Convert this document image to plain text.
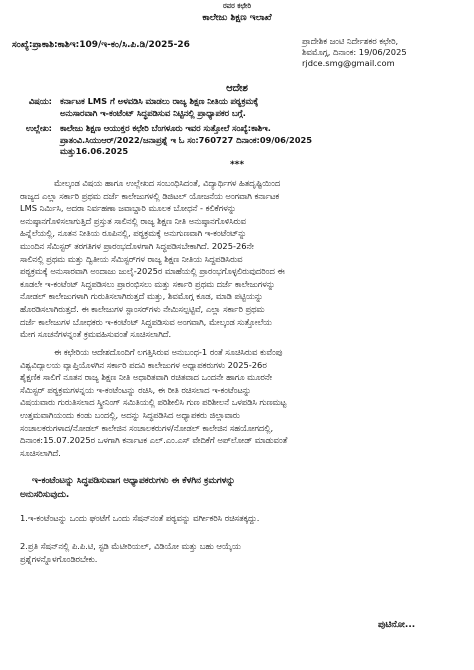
ರವರ ಕಛೇರಿ
ಕಾಲೇಜು ಶಿಕ್ಷಣ ಇಲಾಖೆ
ಸಂಖ್ಯೆ:ಪ್ರಾಕಾಶಿ:ಕಾಶಿಇ:109/ಇ-ಕಂ/ಸಿ.ಪಿ.ಡಿ/2025-26	ಪ್ರಾದೇಶಿಕ ಜಂಟಿ ನಿರ್ದೇಶಕರ ಕಛೇರಿ,
ಶಿವಮೊಗ್ಗ, ದಿನಾಂಕ: 19/06/2025
rjdce.smg@gmail.com
ಆದೇಶ
ವಿಷಯ: ಕರ್ನಾಟಕ LMS ಗೆ ಅಳವಡಿಸಿ ಮಾಡಲು ರಾಜ್ಯ ಶಿಕ್ಷಣ ನೀತಿಯ ಪಠ್ಯಕ್ರಮಕ್ಕೆ
ಅನುಸಾರವಾಗಿ ಇ-ಕಂಟೆಂಟ್ ಸಿದ್ಧಪಡಿಸುವ ನಿಟ್ಟಿನಲ್ಲಿ ಪ್ರಾಧ್ಯಾಪಕರ ಬಗ್ಗೆ.
ಉಲ್ಲೇಖ: ಕಾಲೇಜು ಶಿಕ್ಷಣ ಆಯುಕ್ತರ ಕಛೇರಿ ಬೆಂಗಳೂರು ಇವರ ಸುತ್ತೋಲೆ ಸಂಖ್ಯೆ:ಕಾಶಿಇ.
ಪ್ರಾತಂವಿ.ಸಿಯುಆರ್/2022/ಜನಾಪ್ರಶ್ನೆ ಇ ಓ ಸಂ:760727 ದಿನಾಂಕ:09/06/2025
ಮತ್ತು16.06.2025
***
ಮೇಲ್ಕಂಡ ವಿಷಯ ಹಾಗೂ ಉಲ್ಲೇಖದ ಸಂಬಂಧಿಸಿದಂತೆ, ವಿದ್ಯಾರ್ಥಿಗಳ ಹಿತದೃಷ್ಟಿಯಿಂದ
ರಾಜ್ಯದ ಎಲ್ಲಾ ಸರ್ಕಾರಿ ಪ್ರಥಮ ದರ್ಜೆ ಕಾಲೇಜುಗಳಲ್ಲಿ ಡಿಜಿಟಲ್ ಯೋಜನೆಯ ಅಂಗವಾಗಿ ಕರ್ನಾಟಕ
LMS ನಿರ್ಮಿಸಿ, ಅದರಾ ನಿರ್ವಹಣಾ ಜವಾಬ್ದಾರಿ ಮೂಲಕ ಬೋಧನೆ - ಕಲಿಕೆಗಳನ್ನು
ಅನುಷ್ಠಾನಗೊಳಿಸಲಾಗುತ್ತಿದೆ ಪ್ರಸ್ತುತ ಸಾಲಿನಲ್ಲಿ ರಾಜ್ಯ ಶಿಕ್ಷಣ ನೀತಿ ಅನುಷ್ಠಾನಗೊಳಿಸಿರುವ
ಹಿನ್ನೆಲೆಯಲ್ಲಿ, ನೂತನ ನೀತಿಯ ರೂಪಿನಲ್ಲಿ, ಪಠ್ಯಕ್ರಮಕ್ಕೆ ಅನುಗುಣವಾಗಿ ಇ-ಕಂಟೆಂಟ್‌ನ್ನು
ಮುಂದಿನ ಸೆಮಿಸ್ಟರ್ ತರಗತಿಗಳ ಪ್ರಾರಂಭದೊಳಗಾಗಿ ಸಿದ್ಧಪಡಿಸಬೇಕಾಗಿದೆ. 2025-26ನೇ
ಸಾಲಿನಲ್ಲಿ ಪ್ರಥಮ ಮತ್ತು ದ್ವಿತೀಯ ಸೆಮಿಸ್ಟರ್‌ಗಳ ರಾಜ್ಯ ಶಿಕ್ಷಣ ನೀತಿಯ ಸಿದ್ಧಪಡಿಸಿರುವ
ಪಠ್ಯಕ್ರಮಕ್ಕೆ ಅನುಸಾರವಾಗಿ ಅಂದಾಜು ಜುಲೈ-2025ರ ಮಾಹೆಯಲ್ಲಿ ಪ್ರಾರಂಭಗೊಳ್ಳಲಿರುವುದರಿಂದ ಈ
ಕೂಡಲೇ ಇ-ಕಂಟೆಂಟ್ ಸಿದ್ಧಪಡಿಸಲು ಪ್ರಾರಂಭಿಸಲು ಮತ್ತು ಸರ್ಕಾರಿ ಪ್ರಥಮ ದರ್ಜೆ ಕಾಲೇಜುಗಳನ್ನು
ನೋಡಲ್ ಕಾಲೇಜುಗಳಾಗಿ ಗುರುತಿಸಲಾಗಿರುತ್ತದೆ ಮತ್ತು, ಶಿವಮೊಗ್ಗ ಕೂಡ, ಮಾಡಿ ಪಟ್ಟಿಯನ್ನು
ಹೊರಡಿಸಲಾಗಿರುತ್ತದೆ. ಈ ಕಾಲೇಜುಗಳ ಸ್ಪಾಂಸರ್‌ಗಳು ನೇಮಿಸಲ್ಪಟ್ಟಿವೆ, ಎಲ್ಲಾ ಸರ್ಕಾರಿ ಪ್ರಥಮ
ದರ್ಜೆ ಕಾಲೇಜುಗಳ ಬೋಧಕರು ಇ-ಕಂಟೆಂಟ್ ಸಿದ್ಧಪಡಿಸುವ ಅಂಗವಾಗಿ, ಮೇಲ್ಕಂಡ ಸುತ್ತೋಲೆಯ
ಮೇಗ ಸೂಚನೆಗಳನ್ನಂತೆ ಕ್ರಮವಹಿಸುವಂತೆ ಸೂಚಿಸಲಾಗಿದೆ.
ಈ ಕಛೇರಿಯ ಆದೇಶದೊಂದಿಗೆ ಲಗತ್ತಿಸಿರುವ ಅನುಬಂಧ-1 ರಂತೆ ಸೂಚಿಸಿರುವ ಕುವೆಂಪು
ವಿಶ್ವವಿದ್ಯಾಲಯ ವ್ಯಾಪ್ತಿಯೊಳಗಿನ ಸರ್ಕಾರಿ ಪದವಿ ಕಾಲೇಜುಗಳ ಅಧ್ಯಾಪಕರುಗಳು 2025-26ರ
ಶೈಕ್ಷಣಿಕ ಸಾಲಿಗೆ ನೂತನ ರಾಜ್ಯ ಶಿಕ್ಷಣ ನೀತಿ ಅಧಾರಿತವಾಗಿ ರಚಿತವಾದ ಒಂದನೇ ಹಾಗೂ ಮೂರನೇ
ಸೆಮಿಸ್ಟರ್ ಪಠ್ಯಕ್ರಮಗಳನ್ನಯ ಇ-ಕಂಟೆಂಟನ್ನು ರಚಿಸಿ, ಈ ರೀತಿ ರಚಿಸಲಾದ ಇ-ಕಂಟೆಂಟನ್ನು
ವಿಷಯವಾರು ಗುರುತಿಸಲಾದ ಸ್ಕ್ರೀನಿಂಗ್ ಸಮಿತಿಯಲ್ಲಿ ಪರಿಶೀಲಿಸಿ ಗುಣ ಪರಿಶೀಲನೆ ಒಳಪಡಿಸಿ ಗುಣಮಟ್ಟ
ಉತ್ತಮವಾಗಿಯಂದು ಕಂಡು ಬಂದಲ್ಲಿ, ಅದನ್ನು ಸಿದ್ಧಪಡಿಸಿದ ಅಧ್ಯಾಪಕರು ಜಿಲ್ಲಾವಾರು
ಸಂಚಾಲಕರುಗಳಾದ/ನೋಡಲ್ ಕಾಲೇಜಿನ ಸಂಚಾಲಕರುಗಳ/ನೋಡಲ್ ಕಾಲೇಜಿನ ಸಹಯೋಗದಲ್ಲಿ,
ದಿನಾಂಕ:15.07.2025ರ ಒಳಗಾಗಿ ಕರ್ನಾಟಕ ಎಲ್.ಎಂ.ಎಸ್ ವೇದಿಕೆಗೆ ಅಪ್‌ಲೋಡ್ ಮಾಡುವಂತೆ
ಸೂಚಿಸಲಾಗಿದೆ.
ಇ-ಕಂಟೆಂಟನ್ನು ಸಿದ್ಧಪಡಿಸುವಾಗ ಅಧ್ಯಾಪಕರುಗಳು ಈ ಕೆಳಗಿನ ಕ್ರಮಗಳನ್ನು
ಅನುಸರಿಸುವುದು.
1.ಇ-ಕಂಟೆಂಟನ್ನು ಒಂದು ಘಂಟೆಗೆ ಒಂದು ಸೆಷನ್‌ನಂತೆ ಪಠ್ಯವನ್ನು ವರ್ಗೀಕರಿಸಿ ರಚಿಸತಕ್ಕದ್ದು.
2.ಪ್ರತಿ ಸೆಷನ್‌ನಲ್ಲಿ ಪಿ.ಪಿ.ಟಿ, ಸ್ಟಡಿ ಮೆಟೀರಿಯಲ್, ವಿಡಿಯೋ ಮತ್ತು ಬಹು ಆಯ್ಕೆಯ
ಪ್ರಶ್ನೆಗಳನ್ನೊಳಗೊಂಡಿರಬೇಕು.
ಪುಟಿನೋ...
